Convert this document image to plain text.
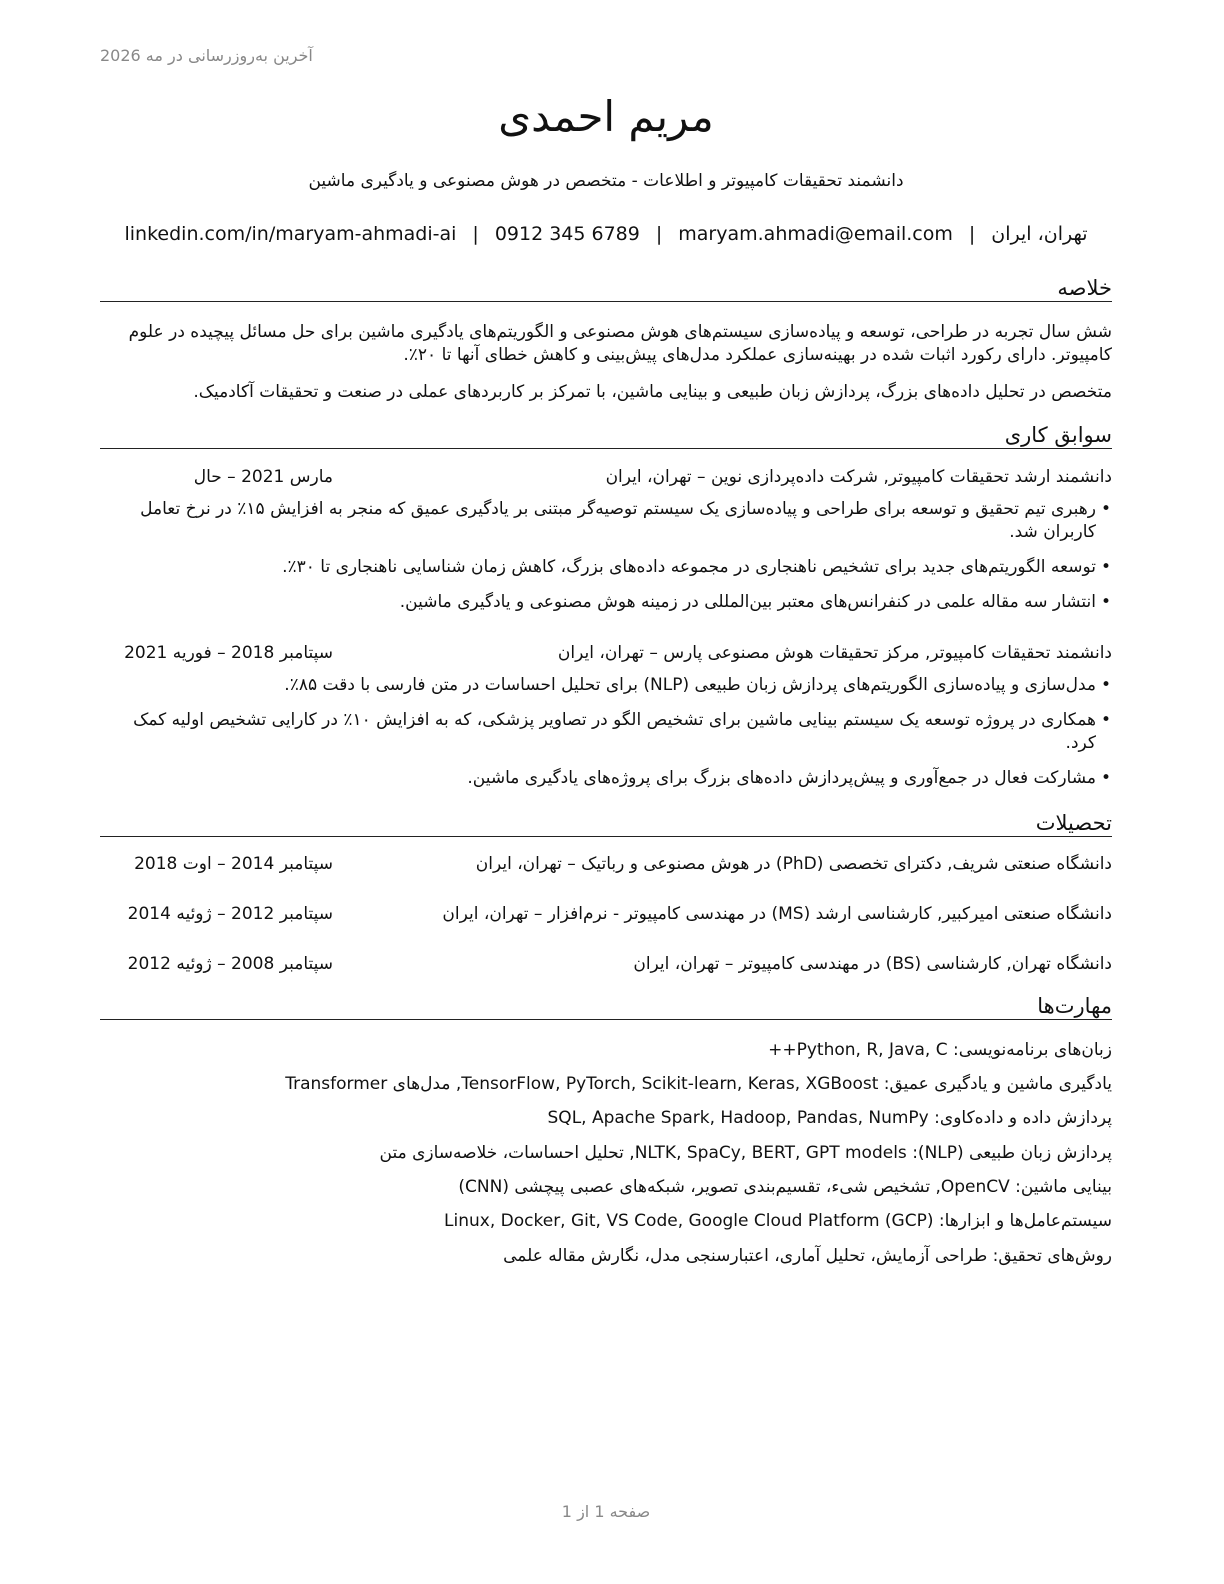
آخرین به‌روزرسانی در مه 2026
مریم احمدی
دانشمند تحقیقات کامپیوتر و اطلاعات - متخصص در هوش مصنوعی و یادگیری ماشین
تهران، ایران|maryam.ahmadi@email.com|0912 345 6789|linkedin.com/in/maryam-ahmadi-ai
خلاصه
شش سال تجربه در طراحی، توسعه و پیاده‌سازی سیستم‌های هوش مصنوعی و الگوریتم‌های یادگیری ماشین برای حل مسائل پیچیده در علوم کامپیوتر. دارای رکورد اثبات شده در بهینه‌سازی عملکرد مدل‌های پیش‌بینی و کاهش خطای آنها تا ۲۰٪.
متخصص در تحلیل داده‌های بزرگ، پردازش زبان طبیعی و بینایی ماشین، با تمرکز بر کاربردهای عملی در صنعت و تحقیقات آکادمیک.
سوابق کاری
دانشمند ارشد تحقیقات کامپیوتر, شرکت داده‌پردازی نوین – تهران، ایران
مارس 2021 – حال
• رهبری تیم تحقیق و توسعه برای طراحی و پیاده‌سازی یک سیستم توصیه‌گر مبتنی بر یادگیری عمیق که منجر به افزایش ۱۵٪ در نرخ تعامل کاربران شد.
• توسعه الگوریتم‌های جدید برای تشخیص ناهنجاری در مجموعه داده‌های بزرگ، کاهش زمان شناسایی ناهنجاری تا ۳۰٪.
• انتشار سه مقاله علمی در کنفرانس‌های معتبر بین‌المللی در زمینه هوش مصنوعی و یادگیری ماشین.
دانشمند تحقیقات کامپیوتر, مرکز تحقیقات هوش مصنوعی پارس – تهران، ایران
سپتامبر 2018 – فوریه 2021
• مدل‌سازی و پیاده‌سازی الگوریتم‌های پردازش زبان طبیعی (NLP) برای تحلیل احساسات در متن فارسی با دقت ۸۵٪.
• همکاری در پروژه توسعه یک سیستم بینایی ماشین برای تشخیص الگو در تصاویر پزشکی، که به افزایش ۱۰٪ در کارایی تشخیص اولیه کمک کرد.
• مشارکت فعال در جمع‌آوری و پیش‌پردازش داده‌های بزرگ برای پروژه‌های یادگیری ماشین.
تحصیلات
دانشگاه صنعتی شریف, دکترای تخصصی (PhD) در هوش مصنوعی و رباتیک – تهران، ایران
سپتامبر 2014 – اوت 2018
دانشگاه صنعتی امیرکبیر, کارشناسی ارشد (MS) در مهندسی کامپیوتر - نرم‌افزار – تهران، ایران
سپتامبر 2012 – ژوئیه 2014
دانشگاه تهران, کارشناسی (BS) در مهندسی کامپیوتر – تهران، ایران
سپتامبر 2008 – ژوئیه 2012
مهارت‌ها
زبان‌های برنامه‌نویسی: Python, R, Java, C++
یادگیری ماشین و یادگیری عمیق: TensorFlow, PyTorch, Scikit-learn, Keras, XGBoost, مدل‌های Transformer
پردازش داده و داده‌کاوی: SQL, Apache Spark, Hadoop, Pandas, NumPy
پردازش زبان طبیعی (NLP): NLTK, SpaCy, BERT, GPT models, تحلیل احساسات، خلاصه‌سازی متن
بینایی ماشین: OpenCV, تشخیص شیء، تقسیم‌بندی تصویر، شبکه‌های عصبی پیچشی (CNN)
سیستم‌عامل‌ها و ابزارها: Linux, Docker, Git, VS Code, Google Cloud Platform (GCP)
روش‌های تحقیق: طراحی آزمایش، تحلیل آماری، اعتبارسنجی مدل، نگارش مقاله علمی
صفحه 1 از 1
